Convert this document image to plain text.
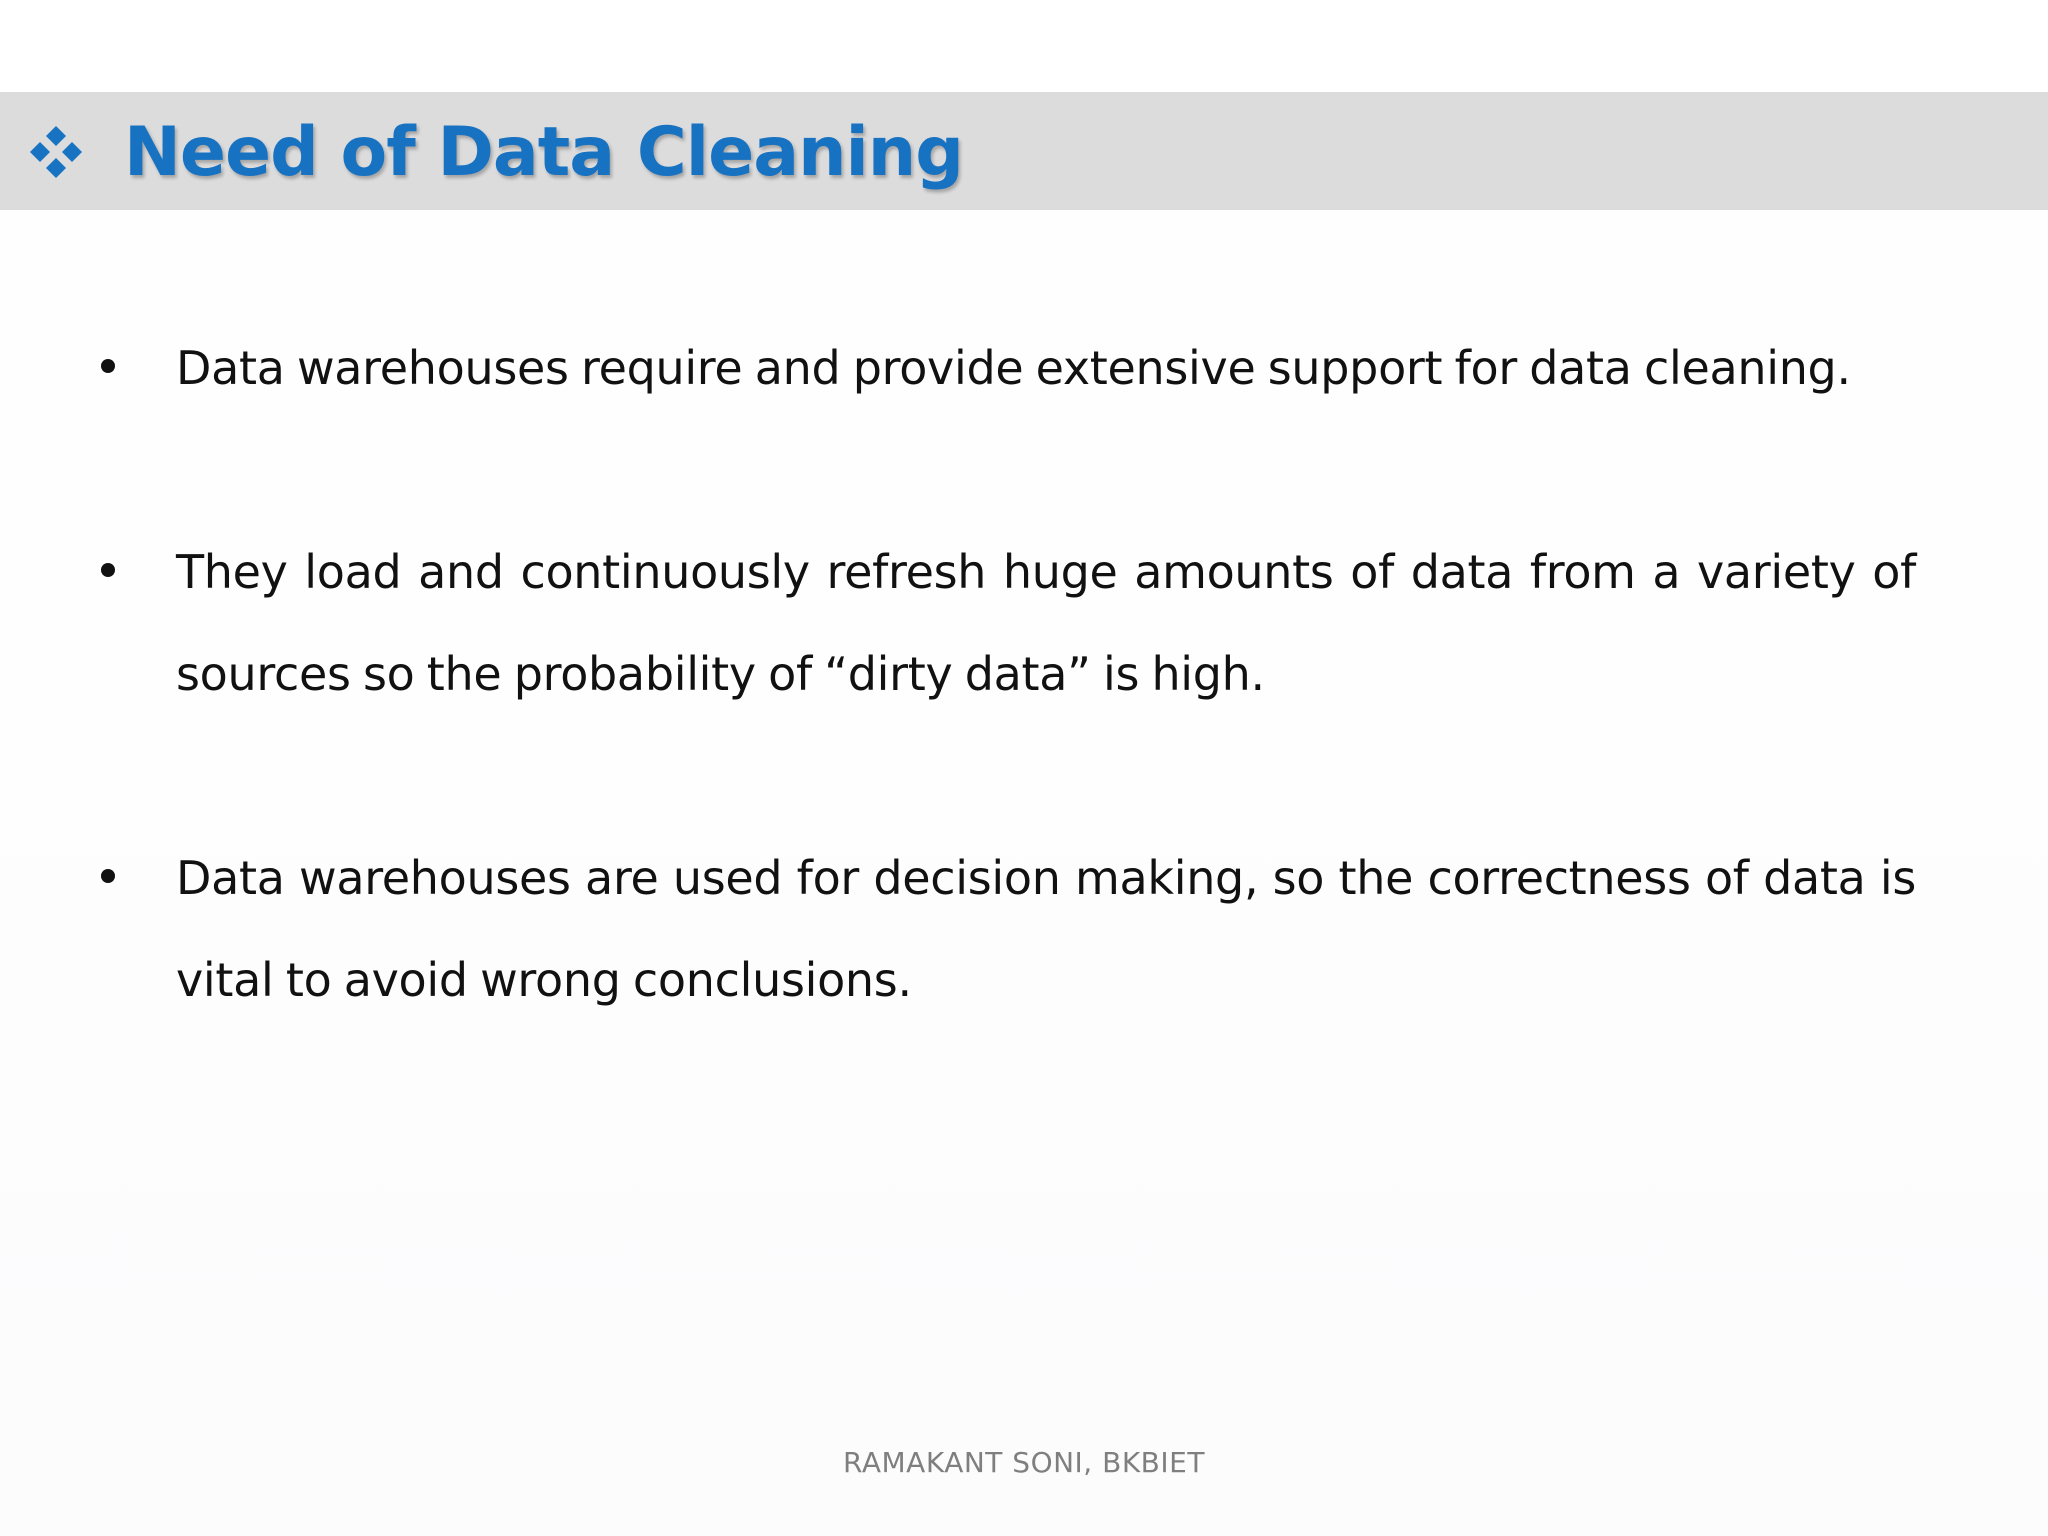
Need of Data Cleaning
Data warehouses require and provide extensive support for data cleaning.
They load and continuously refresh huge amounts of data from a variety of sources so the probability of “dirty data” is high.
Data warehouses are used for decision making, so the correctness of data is vital to avoid wrong conclusions.
RAMAKANT SONI, BKBIET
